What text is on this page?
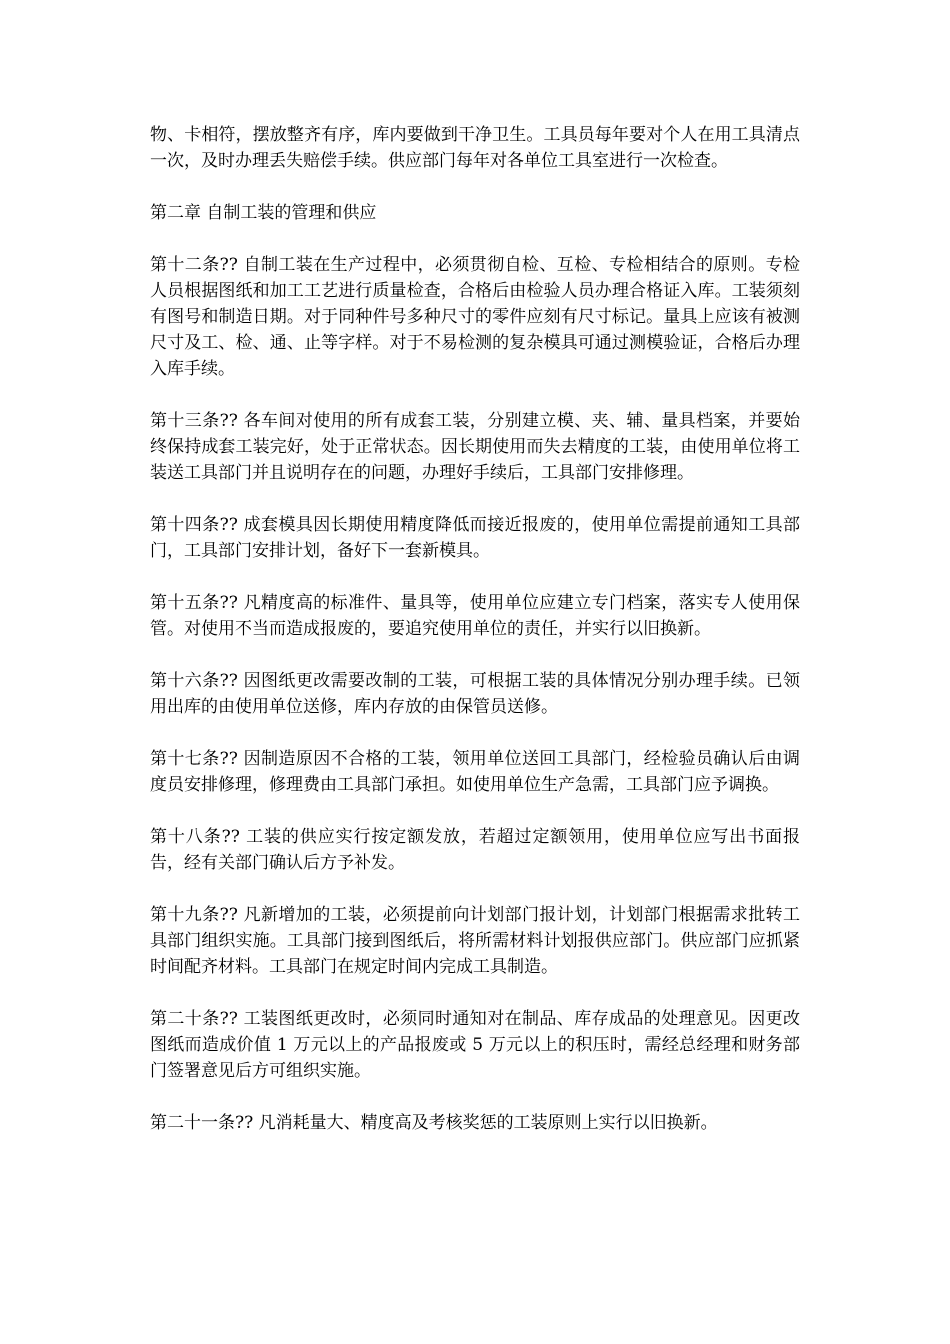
物、卡相符，摆放整齐有序，库内要做到干净卫生。工具员每年要对个人在用工具清点一次，及时办理丢失赔偿手续。供应部门每年对各单位工具室进行一次检查。

第二章 自制工装的管理和供应

第十二条?? 自制工装在生产过程中，必须贯彻自检、互检、专检相结合的原则。专检人员根据图纸和加工工艺进行质量检查，合格后由检验人员办理合格证入库。工装须刻有图号和制造日期。对于同种件号多种尺寸的零件应刻有尺寸标记。量具上应该有被测尺寸及工、检、通、止等字样。对于不易检测的复杂模具可通过测模验证，合格后办理入库手续。

第十三条?? 各车间对使用的所有成套工装，分别建立模、夹、辅、量具档案，并要始终保持成套工装完好，处于正常状态。因长期使用而失去精度的工装，由使用单位将工装送工具部门并且说明存在的问题，办理好手续后，工具部门安排修理。

第十四条?? 成套模具因长期使用精度降低而接近报废的，使用单位需提前通知工具部门，工具部门安排计划，备好下一套新模具。

第十五条?? 凡精度高的标准件、量具等，使用单位应建立专门档案，落实专人使用保管。对使用不当而造成报废的，要追究使用单位的责任，并实行以旧换新。

第十六条?? 因图纸更改需要改制的工装，可根据工装的具体情况分别办理手续。已领用出库的由使用单位送修，库内存放的由保管员送修。

第十七条?? 因制造原因不合格的工装，领用单位送回工具部门，经检验员确认后由调度员安排修理，修理费由工具部门承担。如使用单位生产急需，工具部门应予调换。

第十八条?? 工装的供应实行按定额发放，若超过定额领用，使用单位应写出书面报告，经有关部门确认后方予补发。

第十九条?? 凡新增加的工装，必须提前向计划部门报计划，计划部门根据需求批转工具部门组织实施。工具部门接到图纸后，将所需材料计划报供应部门。供应部门应抓紧时间配齐材料。工具部门在规定时间内完成工具制造。

第二十条?? 工装图纸更改时，必须同时通知对在制品、库存成品的处理意见。因更改图纸而造成价值 1 万元以上的产品报废或 5 万元以上的积压时，需经总经理和财务部门签署意见后方可组织实施。

第二十一条?? 凡消耗量大、精度高及考核奖惩的工装原则上实行以旧换新。
